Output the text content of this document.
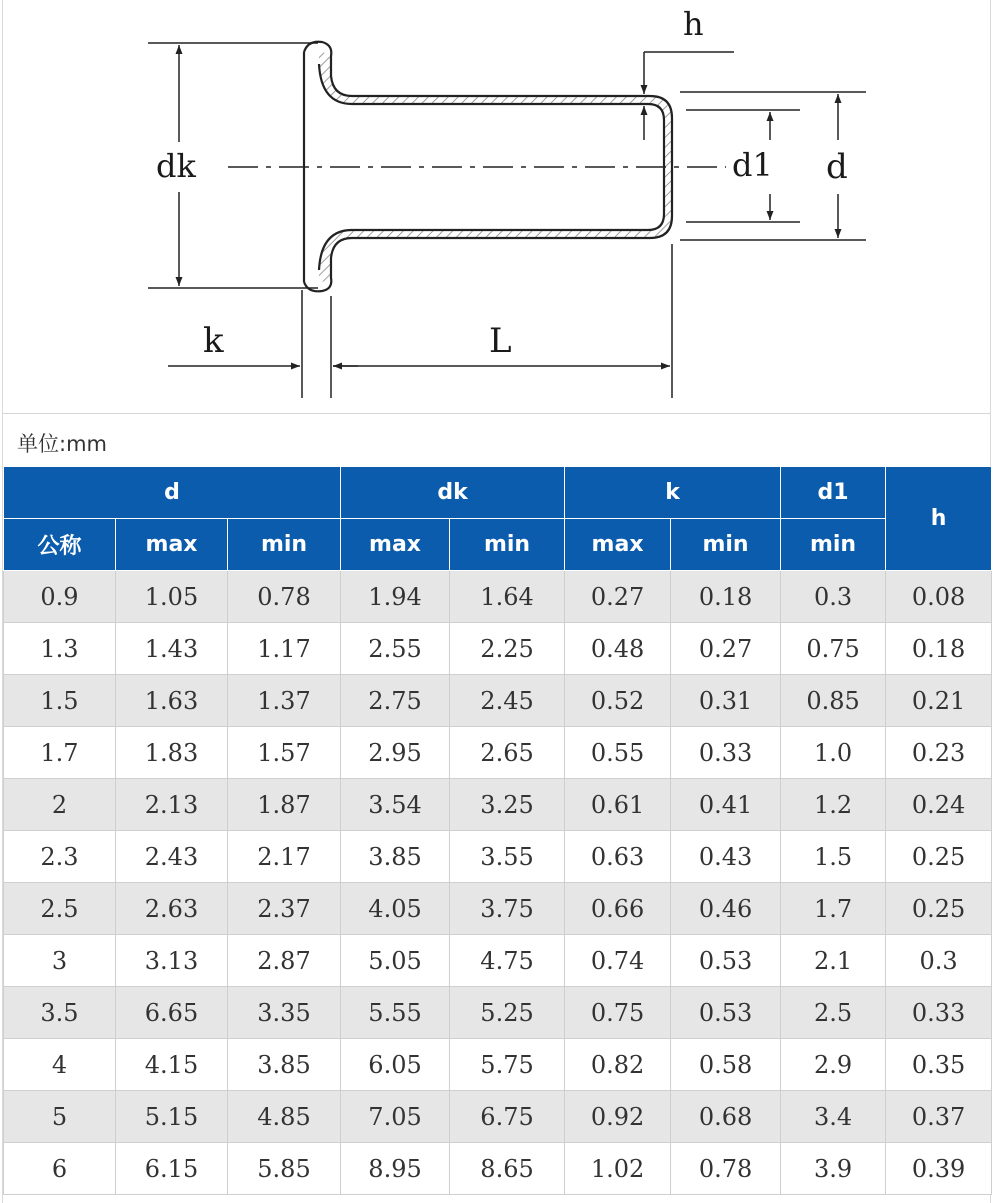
dk	d1 d
h
k	L
单位:mm
d			dk		k		d1	h
公称	max	min	max	min	max	min	min	
0.9	1.05	0.78	1.94	1.64	0.27	0.18	0.3	0.08
1.3	1.43	1.17	2.55	2.25	0.48	0.27	0.75	0.18
1.5	1.63	1.37	2.75	2.45	0.52	0.31	0.85	0.21
1.7	1.83	1.57	2.95	2.65	0.55	0.33	1.0	0.23
2	2.13	1.87	3.54	3.25	0.61	0.41	1.2	0.24
2.3	2.43	2.17	3.85	3.55	0.63	0.43	1.5	0.25
2.5	2.63	2.37	4.05	3.75	0.66	0.46	1.7	0.25
3	3.13	2.87	5.05	4.75	0.74	0.53	2.1	0.3
3.5	6.65	3.35	5.55	5.25	0.75	0.53	2.5	0.33
4	4.15	3.85	6.05	5.75	0.82	0.58	2.9	0.35
5	5.15	4.85	7.05	6.75	0.92	0.68	3.4	0.37
6	6.15	5.85	8.95	8.65	1.02	0.78	3.9	0.39
